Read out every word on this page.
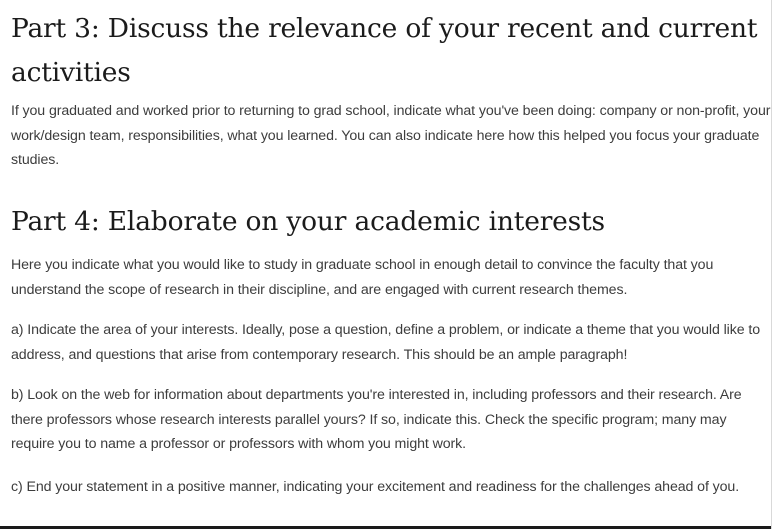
Part 3: Discuss the relevance of your recent and current activities

If you graduated and worked prior to returning to grad school, indicate what you've been doing: company or non-profit, your work/design team, responsibilities, what you learned. You can also indicate here how this helped you focus your graduate studies.

Part 4: Elaborate on your academic interests

Here you indicate what you would like to study in graduate school in enough detail to convince the faculty that you understand the scope of research in their discipline, and are engaged with current research themes.

a) Indicate the area of your interests. Ideally, pose a question, define a problem, or indicate a theme that you would like to address, and questions that arise from contemporary research. This should be an ample paragraph!

b) Look on the web for information about departments you're interested in, including professors and their research. Are there professors whose research interests parallel yours? If so, indicate this. Check the specific program; many may require you to name a professor or professors with whom you might work.

c) End your statement in a positive manner, indicating your excitement and readiness for the challenges ahead of you.
